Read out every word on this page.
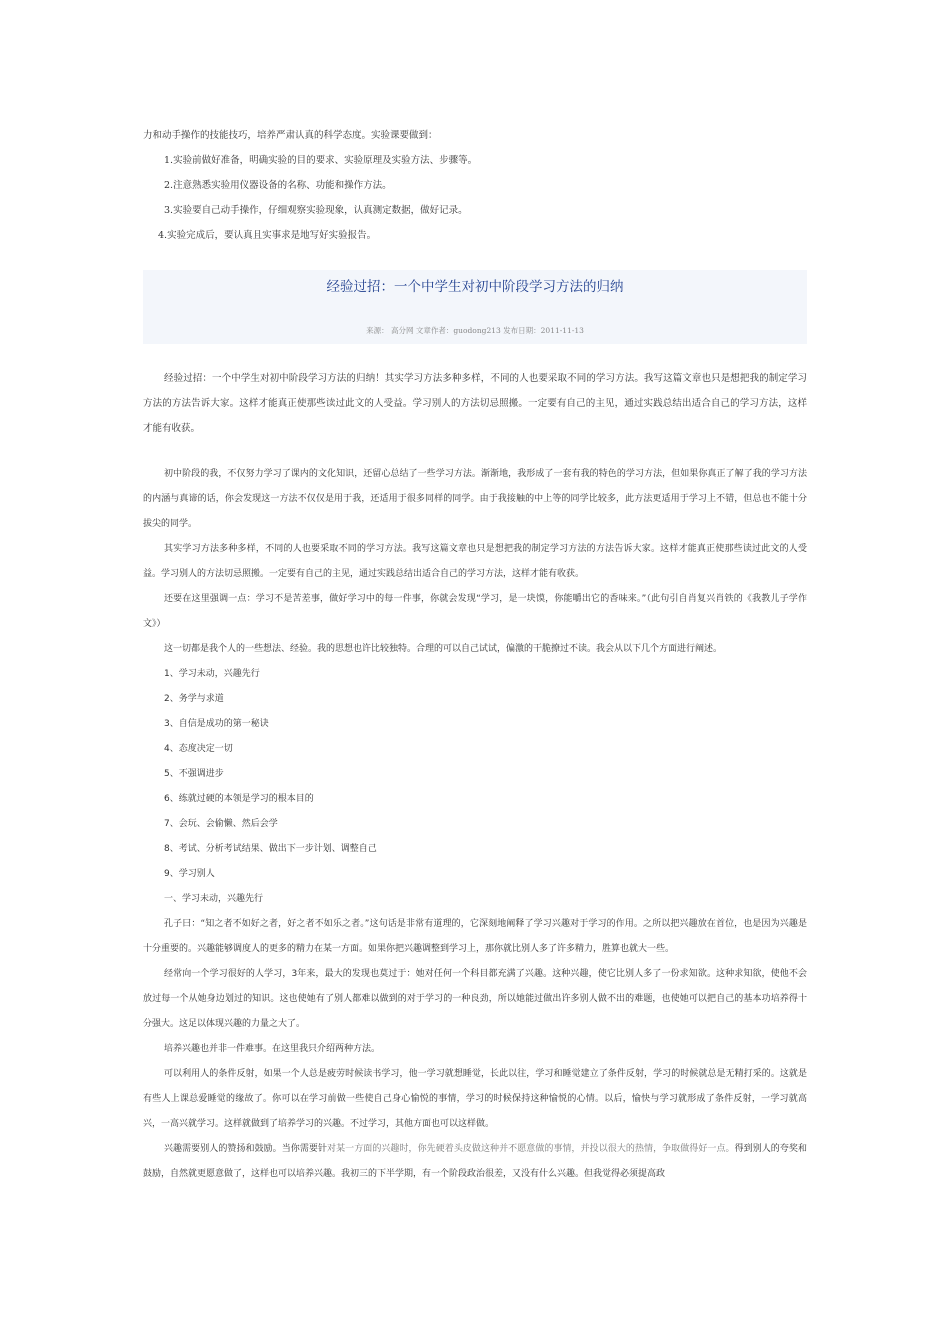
力和动手操作的技能技巧，培养严肃认真的科学态度。实验课要做到：

1.实验前做好准备，明确实验的目的要求、实验原理及实验方法、步骤等。

2.注意熟悉实验用仪器设备的名称、功能和操作方法。

3.实验要自己动手操作，仔细观察实验现象，认真测定数据，做好记录。

4.实验完成后，要认真且实事求是地写好实验报告。

经验过招：一个中学生对初中阶段学习方法的归纳
来源： 高分网 文章作者：guodong213 发布日期：2011-11-13

经验过招：一个中学生对初中阶段学习方法的归纳！其实学习方法多种多样，不同的人也要采取不同的学习方法。我写这篇文章也只是想把我的制定学习方法的方法告诉大家。这样才能真正使那些读过此文的人受益。学习别人的方法切忌照搬。一定要有自己的主见，通过实践总结出适合自己的学习方法，这样才能有收获。

初中阶段的我，不仅努力学习了课内的文化知识，还留心总结了一些学习方法。渐渐地，我形成了一套有我的特色的学习方法，但如果你真正了解了我的学习方法的内涵与真谛的话，你会发现这一方法不仅仅是用于我，还适用于很多同样的同学。由于我接触的中上等的同学比较多，此方法更适用于学习上不错，但总也不能十分拔尖的同学。

其实学习方法多种多样，不同的人也要采取不同的学习方法。我写这篇文章也只是想把我的制定学习方法的方法告诉大家。这样才能真正使那些读过此文的人受益。学习别人的方法切忌照搬。一定要有自己的主见，通过实践总结出适合自己的学习方法，这样才能有收获。

还要在这里强调一点：学习不是苦差事，做好学习中的每一件事，你就会发现“学习，是一块馍，你能嚼出它的香味来。”（此句引自肖复兴肖铁的《我教儿子学作文》）

这一切都是我个人的一些想法、经验。我的思想也许比较独特。合理的可以自己试试，偏激的干脆撩过不读。我会从以下几个方面进行阐述。

1、学习未动，兴趣先行

2、务学与求道

3、自信是成功的第一秘诀

4、态度决定一切

5、不强调进步

6、练就过硬的本领是学习的根本目的

7、会玩、会偷懒、然后会学

8、考试、分析考试结果、做出下一步计划、调整自己

9、学习别人

一、学习未动，兴趣先行

孔子曰：“知之者不如好之者，好之者不如乐之者。”这句话是非常有道理的，它深刻地阐释了学习兴趣对于学习的作用。之所以把兴趣放在首位，也是因为兴趣是十分重要的。兴趣能够调度人的更多的精力在某一方面。如果你把兴趣调整到学习上，那你就比别人多了许多精力，胜算也就大一些。

经常向一个学习很好的人学习，3年来，最大的发现也莫过于：她对任何一个科目都充满了兴趣。这种兴趣，使它比别人多了一份求知欲。这种求知欲，使他不会放过每一个从她身边划过的知识。这也使她有了别人都难以做到的对于学习的一种良劲，所以她能过做出许多别人做不出的难题，也使她可以把自己的基本功培养得十分强大。这足以体现兴趣的力量之大了。

培养兴趣也并非一件难事。在这里我只介绍两种方法。

可以利用人的条件反射，如果一个人总是疲劳时候读书学习，他一学习就想睡觉，长此以往，学习和睡觉建立了条件反射，学习的时候就总是无精打采的。这就是有些人上课总爱睡觉的缘故了。你可以在学习前做一些使自己身心愉悦的事情，学习的时候保持这种愉悦的心情。以后，愉快与学习就形成了条件反射，一学习就高兴，一高兴就学习。这样就做到了培养学习的兴趣。不过学习，其他方面也可以这样做。

兴趣需要别人的赞扬和鼓励。当你需要针对某一方面的兴趣时，你先硬着头皮做这种并不愿意做的事情，并投以很大的热情，争取做得好一点。得到别人的夸奖和鼓励，自然就更愿意做了，这样也可以培养兴趣。我初三的下半学期，有一个阶段政治很差，又没有什么兴趣。但我觉得必须提高政
